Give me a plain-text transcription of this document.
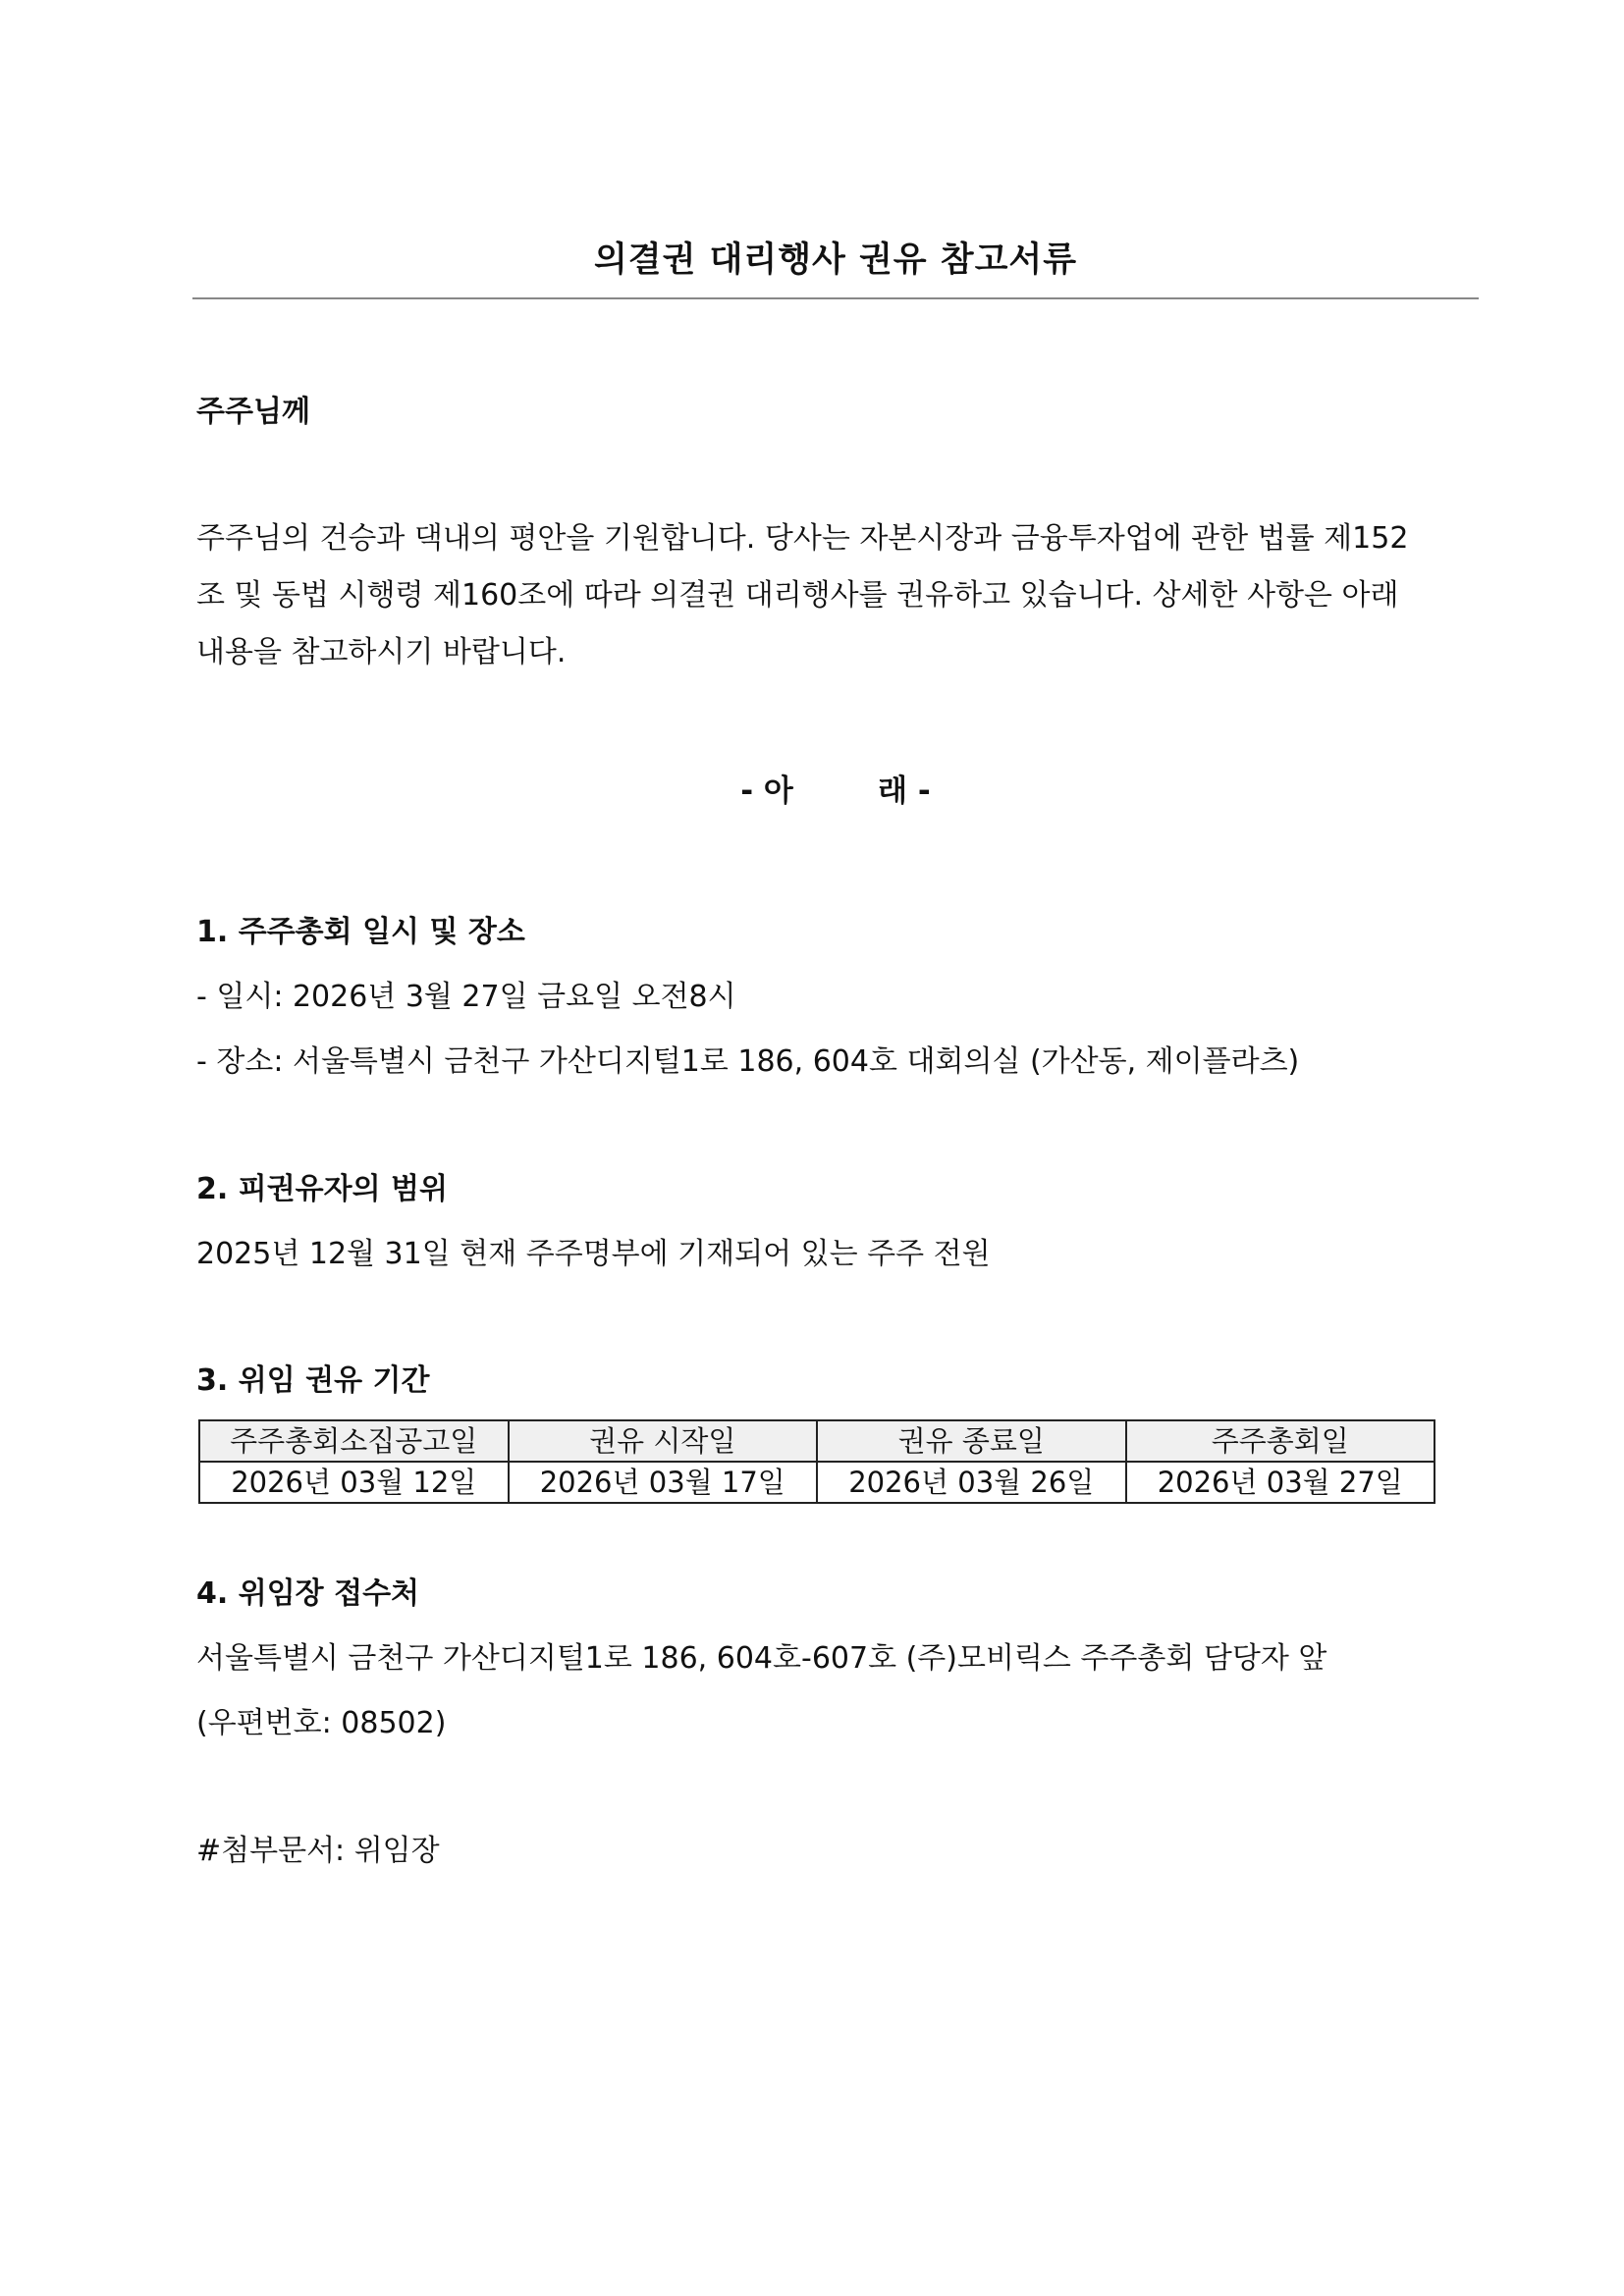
의결권 대리행사 권유 참고서류
주주님께
주주님의 건승과 댁내의 평안을 기원합니다. 당사는 자본시장과 금융투자업에 관한 법률 제152조 및 동법 시행령 제160조에 따라 의결권 대리행사를 권유하고 있습니다. 상세한 사항은 아래 내용을 참고하시기 바랍니다.
- 아        래 -
1. 주주총회 일시 및 장소
- 일시: 2026년 3월 27일 금요일 오전8시
- 장소: 서울특별시 금천구 가산디지털1로 186, 604호 대회의실 (가산동, 제이플라츠)
2. 피권유자의 범위
2025년 12월 31일 현재 주주명부에 기재되어 있는 주주 전원
3. 위임 권유 기간
주주총회소집공고일	권유 시작일	권유 종료일	주주총회일
2026년 03월 12일	2026년 03월 17일	2026년 03월 26일	2026년 03월 27일
4. 위임장 접수처
서울특별시 금천구 가산디지털1로 186, 604호-607호 (주)모비릭스 주주총회 담당자 앞
(우편번호: 08502)
#첨부문서: 위임장
